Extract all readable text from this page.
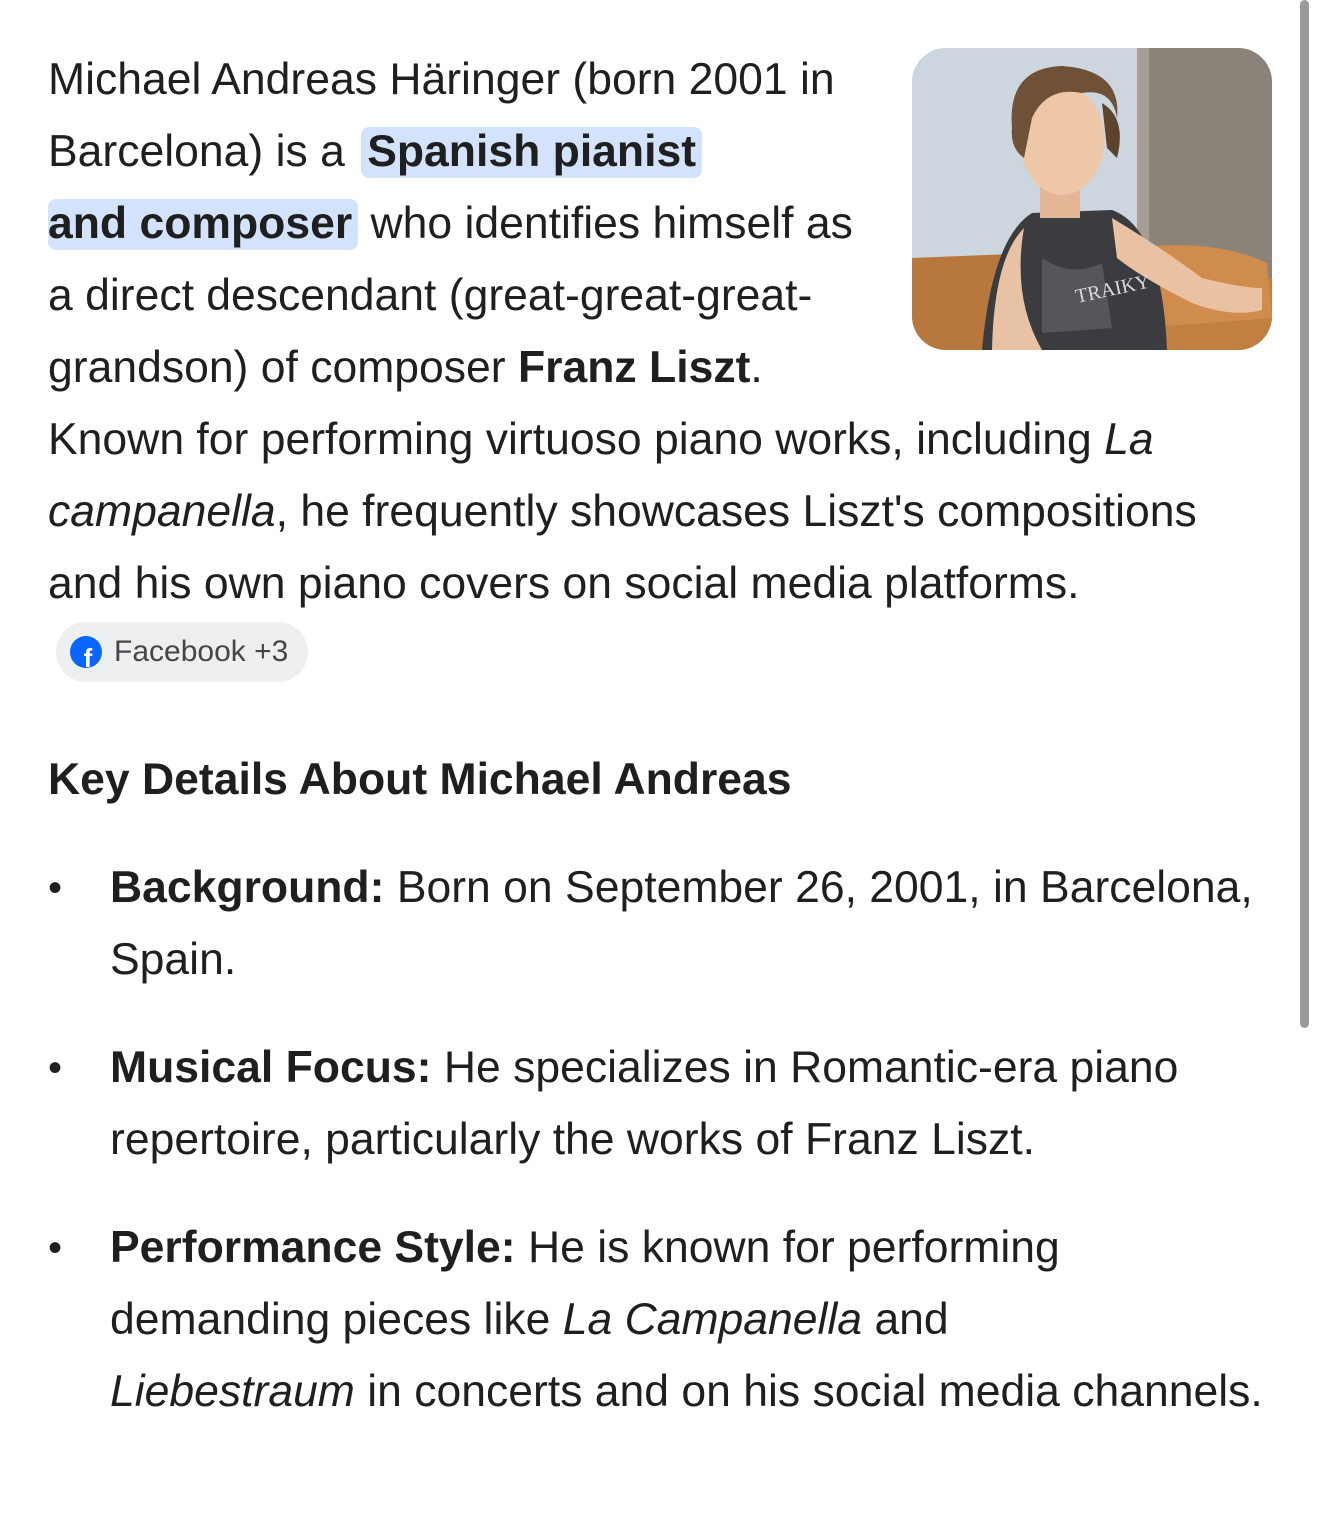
TRAIKY

Michael Andreas Häringer (born 2001 in Barcelona) is a Spanish pianist
and composer who identifies himself as a direct descendant (great-great-great-grandson) of composer Franz Liszt. Known for performing virtuoso piano works, including La campanella, he frequently showcases Liszt's compositions and his own piano covers on social media platforms.
f Facebook +3

Key Details About Michael Andreas
• Background: Born on September 26, 2001, in Barcelona, Spain.
• Musical Focus: He specializes in Romantic-era piano repertoire, particularly the works of Franz Liszt.
• Performance Style: He is known for performing demanding pieces like La Campanella and
Liebestraum in concerts and on his social media channels.
